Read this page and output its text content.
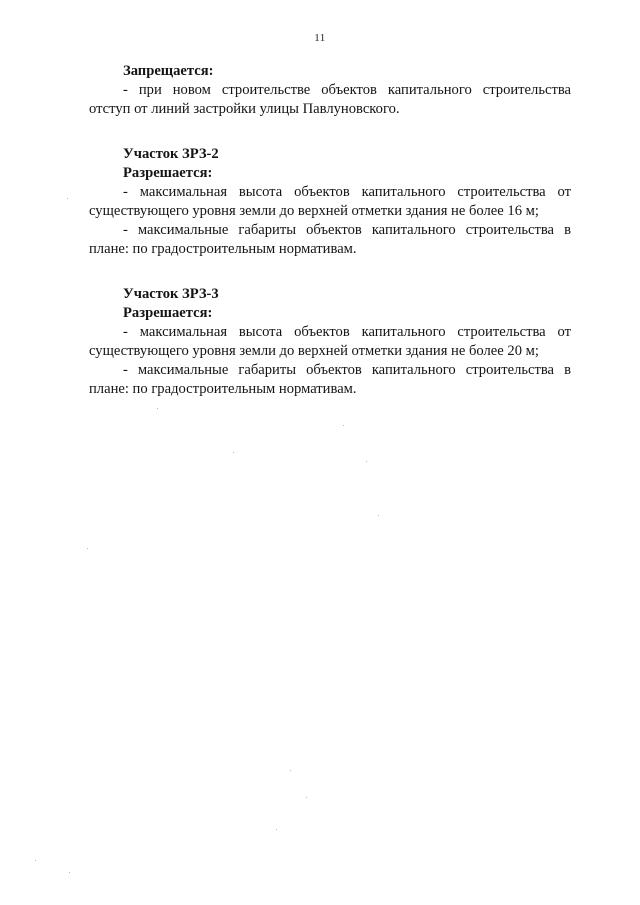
11

Запрещается:

- при новом строительстве объектов капитального строительства отступ от линий застройки улицы Павлуновского.

Участок ЗРЗ-2

Разрешается:

- максимальная высота объектов капитального строительства от существующего уровня земли до верхней отметки здания не более 16 м;

- максимальные габариты объектов капитального строительства в плане: по градостроительным нормативам.

Участок ЗРЗ-3

Разрешается:

- максимальная высота объектов капитального строительства от существующего уровня земли до верхней отметки здания не более 20 м;

- максимальные габариты объектов капитального строительства в плане: по градостроительным нормативам.
